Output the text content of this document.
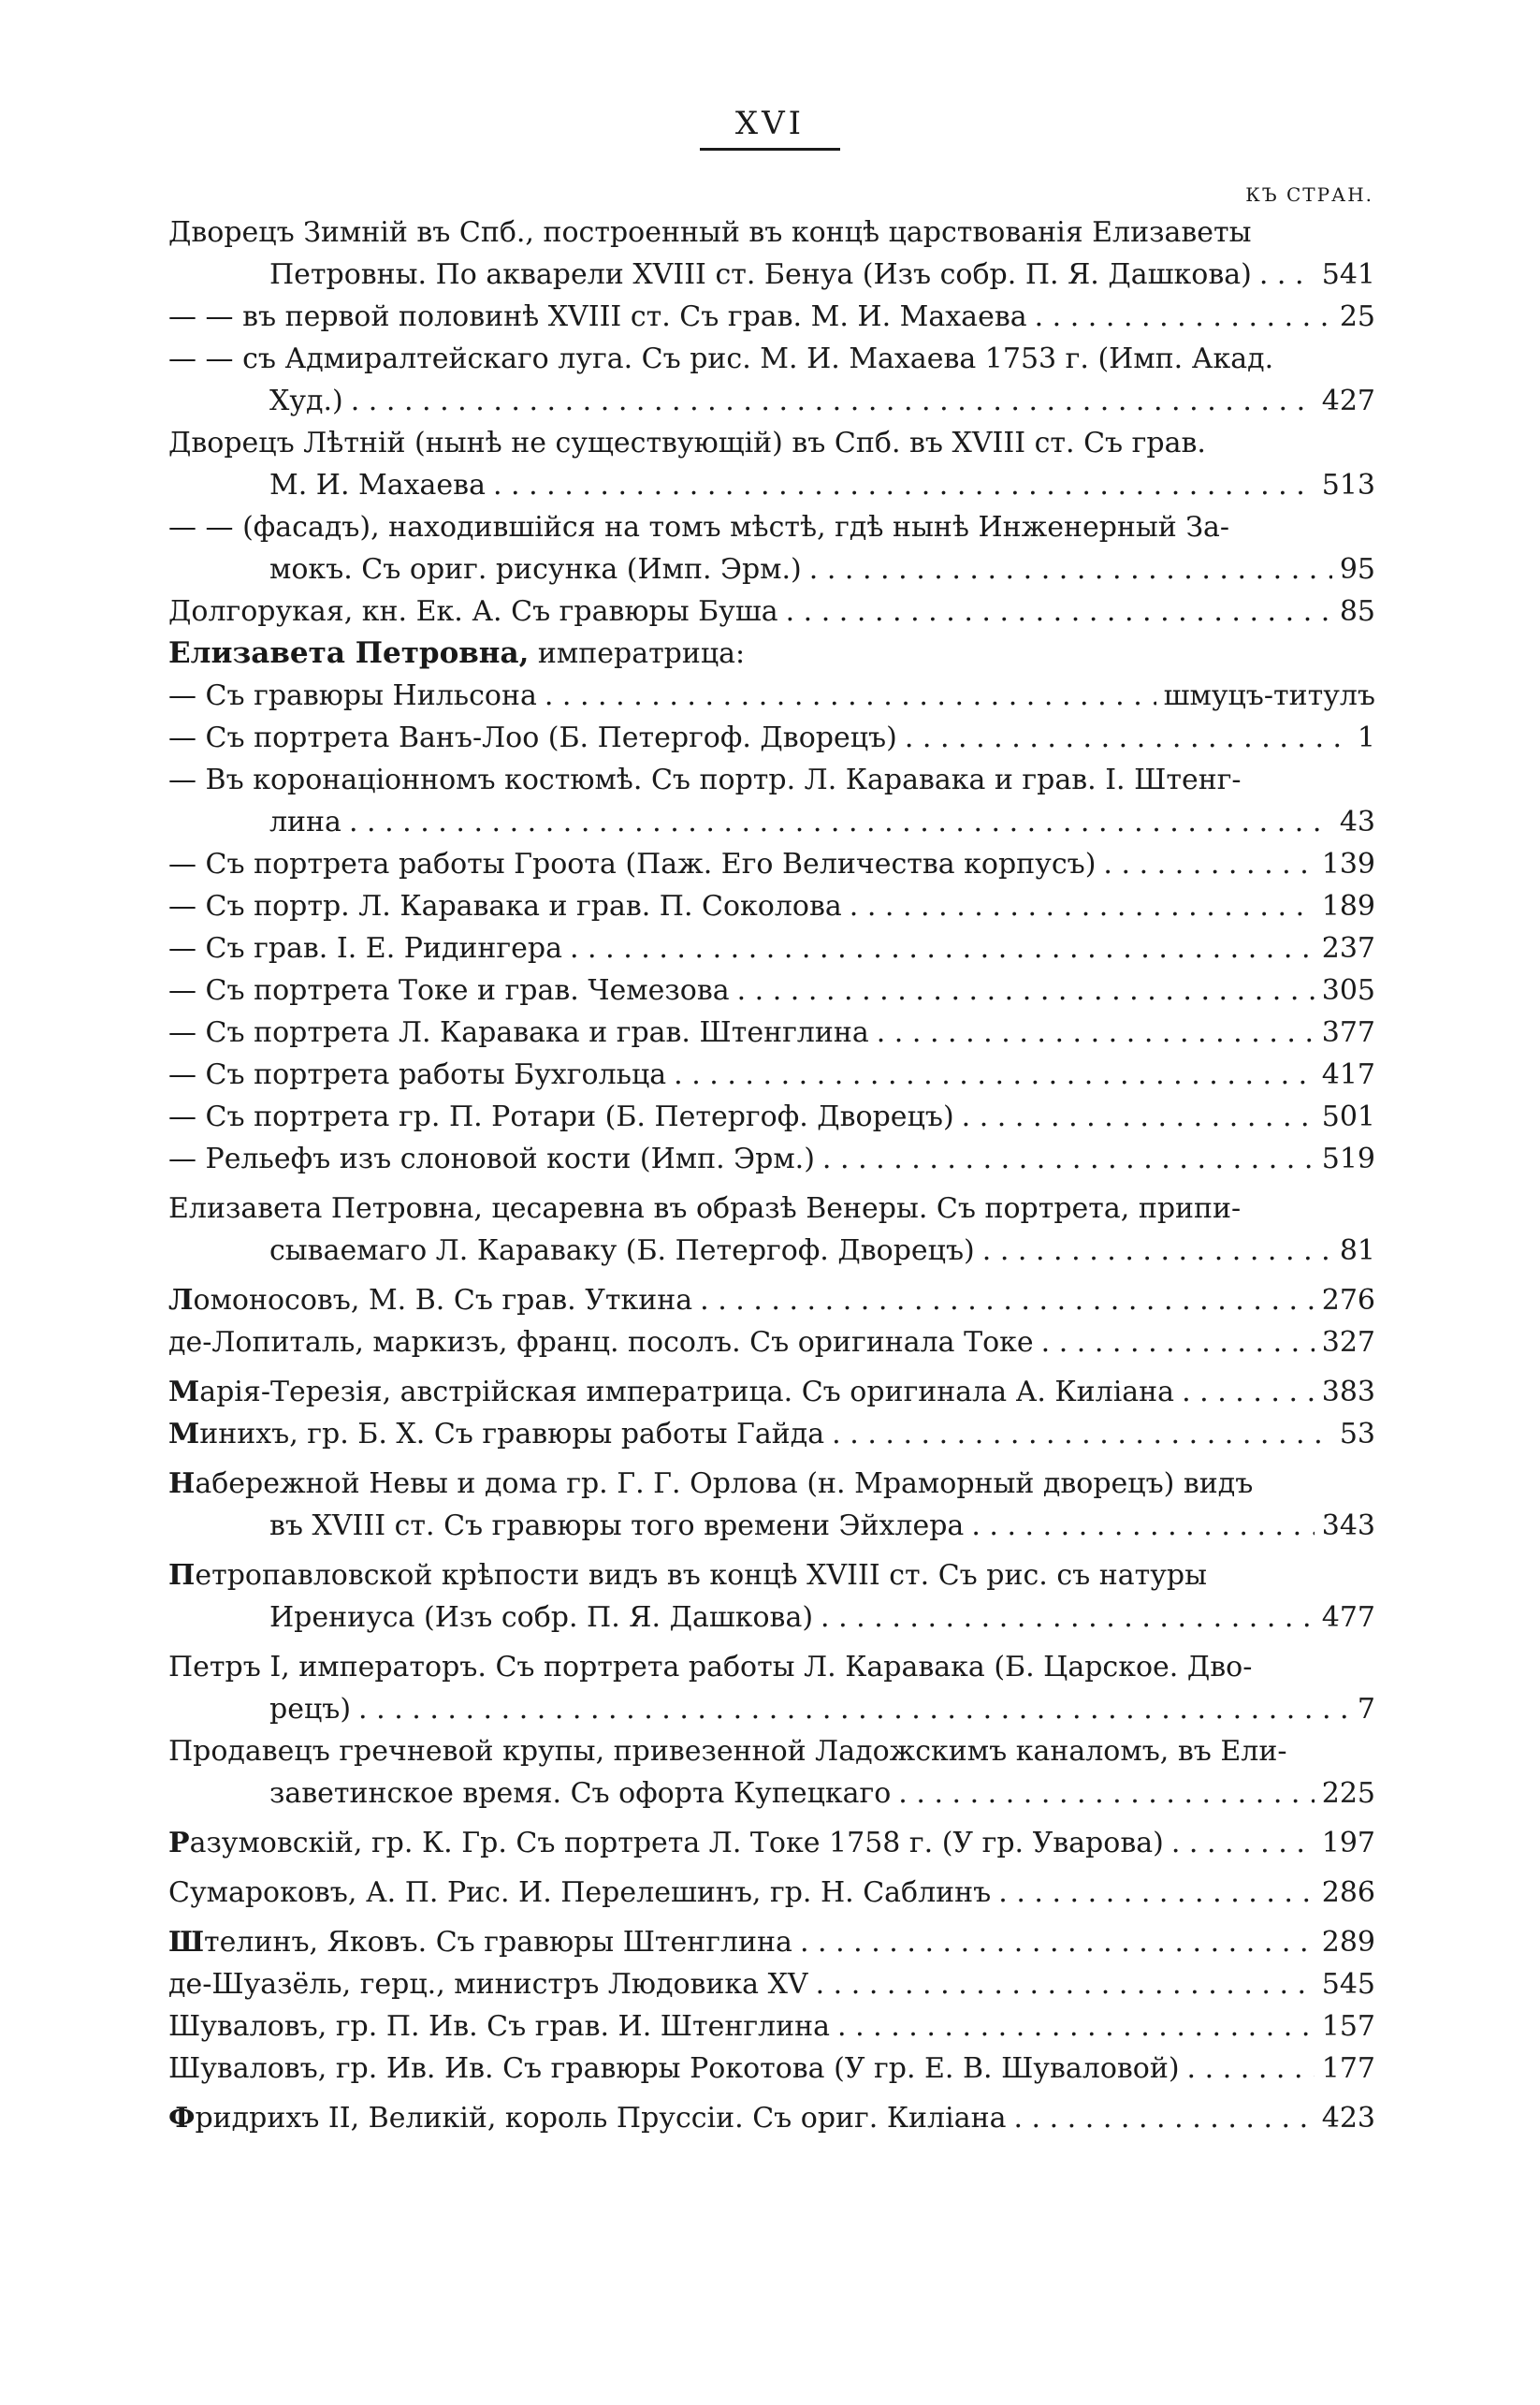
XVI
КЪ СТРАН.
Дворецъ Зимній въ Спб., построенный въ концѣ царствованія Елизаветы
Петровны. По акварели XVIII ст. Бенуа (Изъ собр. П. Я. Дашкова) . . . 541
— — въ первой половинѣ XVIII ст. Съ грав. М. И. Махаева . . .	25
— — съ Адмиралтейскаго луга. Съ рис. М. И. Махаева 1753 г. (Имп. Акад.
Худ.) . . .	427
Дворецъ Лѣтній (нынѣ не существующій) въ Спб. въ XVIII ст. Съ грав.
М. И. Махаева . . .	513
— — (фасадъ), находившійся на томъ мѣстѣ, гдѣ нынѣ Инженерный За-
мокъ. Съ ориг. рисунка (Имп. Эрм.) . . .	95
Долгорукая, кн. Ек. А. Съ гравюры Буша . . .	85
Елизавета Петровна, императрица:
— Съ гравюры Нильсона . . .	шмуцъ-титулъ
— Съ портрета Ванъ-Лоо (Б. Петергоф. Дворецъ) . . .	1
— Въ коронаціонномъ костюмѣ. Съ портр. Л. Каравака и грав. І. Штенг-
лина . . .	43
— Съ портрета работы Гроота (Паж. Его Величества корпусъ) . . .	139
— Съ портр. Л. Каравака и грав. П. Соколова . . .	189
— Съ грав. І. Е. Ридингера . . .	237
— Съ портрета Токе и грав. Чемезова . . .	305
— Съ портрета Л. Каравака и грав. Штенглина . . .	377
— Съ портрета работы Бухгольца . . .	417
— Съ портрета гр. П. Ротари (Б. Петергоф. Дворецъ) . . .	501
— Рельефъ изъ слоновой кости (Имп. Эрм.) . . .	519
Елизавета Петровна, цесаревна въ образѣ Венеры. Съ портрета, припи-
сываемаго Л. Каравaку (Б. Петергоф. Дворецъ) . . .	81
Ломоносовъ, М. В. Съ грав. Уткина . . .	276
де-Лопиталь, маркизъ, франц. посолъ. Съ оригинала Токе . . .	327
Марія-Терезія, австрійская императрица. Съ оригинала А. Киліана . . .	383
Минихъ, гр. Б. Х. Съ гравюры работы Гайда . . .	53
Набережной Невы и дома гр. Г. Г. Орлова (н. Мраморный дворецъ) видъ
въ XVIII ст. Съ гравюры того времени Эйхлера . . .	343
Петропавловской крѣпости видъ въ концѣ XVIII ст. Съ рис. съ натуры
Ирениуса (Изъ собр. П. Я. Дашкова) . . .	477
Петръ I, императоръ. Съ портрета работы Л. Каравака (Б. Царское. Дво-
рецъ) . . .	7
Продавецъ гречневой крупы, привезенной Ладожскимъ каналомъ, въ Ели-
заветинское время. Съ офорта Купецкаго . . .	225
Разумовскій, гр. К. Гр. Съ портрета Л. Токе 1758 г. (У гр. Уварова) . . .	197
Сумароковъ, А. П. Рис. И. Перелешинъ, гр. Н. Саблинъ . . .	286
Штелинъ, Яковъ. Съ гравюры Штенглина . . .	289
де-Шуазёль, герц., министръ Людовика XV . . .	545
Шуваловъ, гр. П. Ив. Съ грав. И. Штенглина . . .	157
Шуваловъ, гр. Ив. Ив. Съ гравюры Рокотова (У гр. Е. В. Шуваловой) . . .	177
Фридрихъ II, Великій, король Пруссіи. Съ ориг. Киліана . . .	423
